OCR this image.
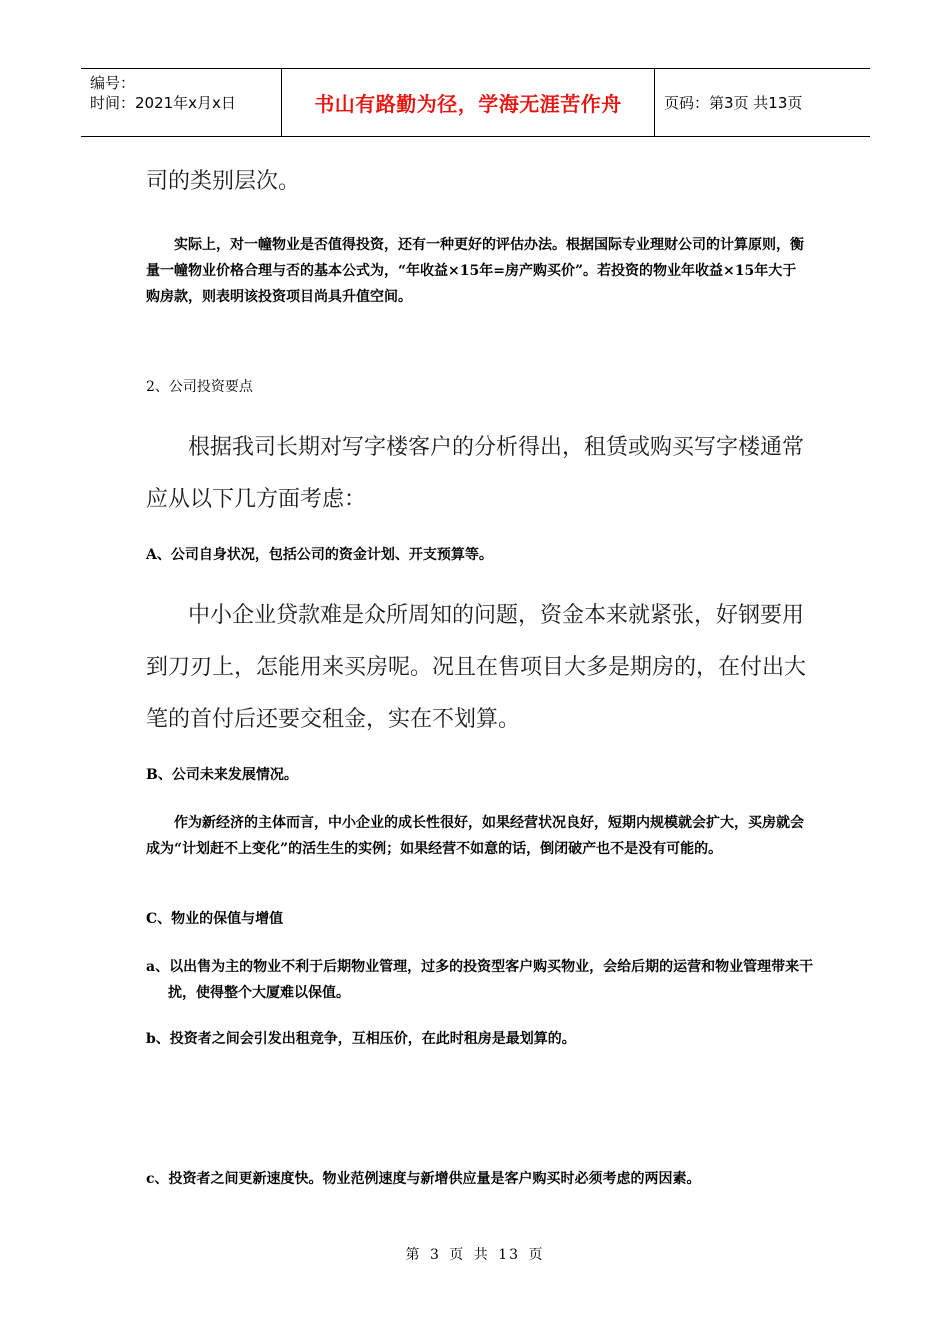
编号：
时间：2021年x月x日	书山有路勤为径，学海无涯苦作舟	页码：第3页 共13页

司的类别层次。

实际上，对一幢物业是否值得投资，还有一种更好的评估办法。根据国际专业理财公司的计算原则，衡量一幢物业价格合理与否的基本公式为，“年收益×15年=房产购买价”。若投资的物业年收益×15年大于购房款，则表明该投资项目尚具升值空间。

2、公司投资要点

根据我司长期对写字楼客户的分析得出，租赁或购买写字楼通常应从以下几方面考虑：

A、公司自身状况，包括公司的资金计划、开支预算等。

中小企业贷款难是众所周知的问题，资金本来就紧张，好钢要用到刀刃上，怎能用来买房呢。况且在售项目大多是期房的，在付出大笔的首付后还要交租金，实在不划算。

B、公司未来发展情况。

作为新经济的主体而言，中小企业的成长性很好，如果经营状况良好，短期内规模就会扩大，买房就会成为“计划赶不上变化”的活生生的实例；如果经营不如意的话，倒闭破产也不是没有可能的。

C、物业的保值与增值

a、以出售为主的物业不利于后期物业管理，过多的投资型客户购买物业，会给后期的运营和物业管理带来干扰，使得整个大厦难以保值。

b、投资者之间会引发出租竞争，互相压价，在此时租房是最划算的。

c、投资者之间更新速度快。物业范例速度与新增供应量是客户购买时必须考虑的两因素。

第 3 页 共 13 页
